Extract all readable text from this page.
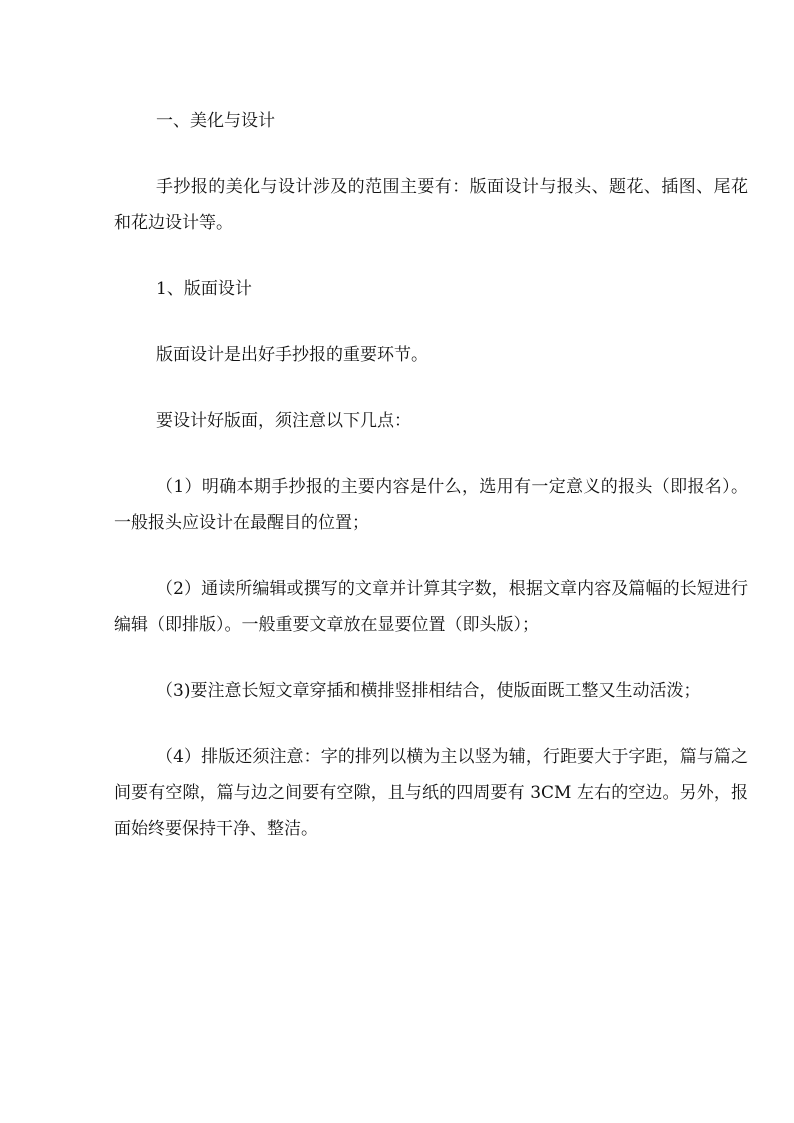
一、美化与设计

手抄报的美化与设计涉及的范围主要有：版面设计与报头、题花、插图、尾花和花边设计等。

1、版面设计

版面设计是出好手抄报的重要环节。

要设计好版面，须注意以下几点：

（1）明确本期手抄报的主要内容是什么，选用有一定意义的报头（即报名）。一般报头应设计在最醒目的位置；

（2）通读所编辑或撰写的文章并计算其字数，根据文章内容及篇幅的长短进行编辑（即排版）。一般重要文章放在显要位置（即头版）；

（3)要注意长短文章穿插和横排竖排相结合，使版面既工整又生动活泼；

（4）排版还须注意：字的排列以横为主以竖为辅，行距要大于字距，篇与篇之间要有空隙，篇与边之间要有空隙，且与纸的四周要有 3CM 左右的空边。另外，报面始终要保持干净、整洁。
